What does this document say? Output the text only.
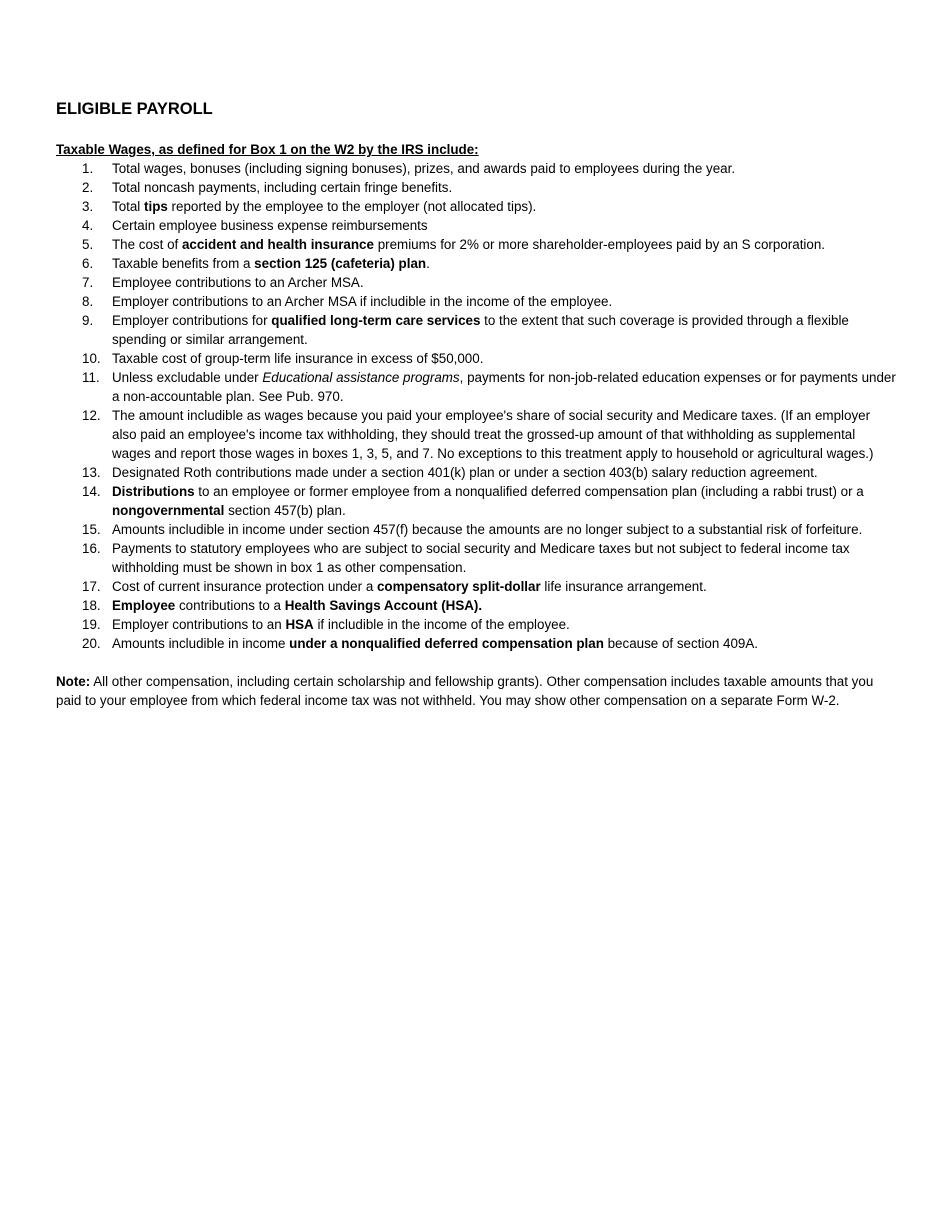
ELIGIBLE PAYROLL

Taxable Wages, as defined for Box 1 on the W2 by the IRS include:

1.	Total wages, bonuses (including signing bonuses), prizes, and awards paid to employees during the year.
2.	Total noncash payments, including certain fringe benefits.
3.	Total tips reported by the employee to the employer (not allocated tips).
4.	Certain employee business expense reimbursements
5.	The cost of accident and health insurance premiums for 2% or more shareholder-employees paid by an S corporation.
6.	Taxable benefits from a section 125 (cafeteria) plan.
7.	Employee contributions to an Archer MSA.
8.	Employer contributions to an Archer MSA if includible in the income of the employee.
9.	Employer contributions for qualified long-term care services to the extent that such coverage is provided through a flexible spending or similar arrangement.
10. Taxable cost of group-term life insurance in excess of $50,000.
11. Unless excludable under Educational assistance programs, payments for non-job-related education expenses or for payments under a non-accountable plan. See Pub. 970.
12. The amount includible as wages because you paid your employee's share of social security and Medicare taxes. (If an employer also paid an employee's income tax withholding, they should treat the grossed-up amount of that withholding as supplemental wages and report those wages in boxes 1, 3, 5, and 7. No exceptions to this treatment apply to household or agricultural wages.)
13. Designated Roth contributions made under a section 401(k) plan or under a section 403(b) salary reduction agreement.
14. Distributions to an employee or former employee from a nonqualified deferred compensation plan (including a rabbi trust) or a nongovernmental section 457(b) plan.
15. Amounts includible in income under section 457(f) because the amounts are no longer subject to a substantial risk of forfeiture.
16. Payments to statutory employees who are subject to social security and Medicare taxes but not subject to federal income tax withholding must be shown in box 1 as other compensation.
17. Cost of current insurance protection under a compensatory split-dollar life insurance arrangement.
18. Employee contributions to a Health Savings Account (HSA).
19. Employer contributions to an HSA if includible in the income of the employee.
20. Amounts includible in income under a nonqualified deferred compensation plan because of section 409A.

Note: All other compensation, including certain scholarship and fellowship grants). Other compensation includes taxable amounts that you paid to your employee from which federal income tax was not withheld. You may show other compensation on a separate Form W-2.
